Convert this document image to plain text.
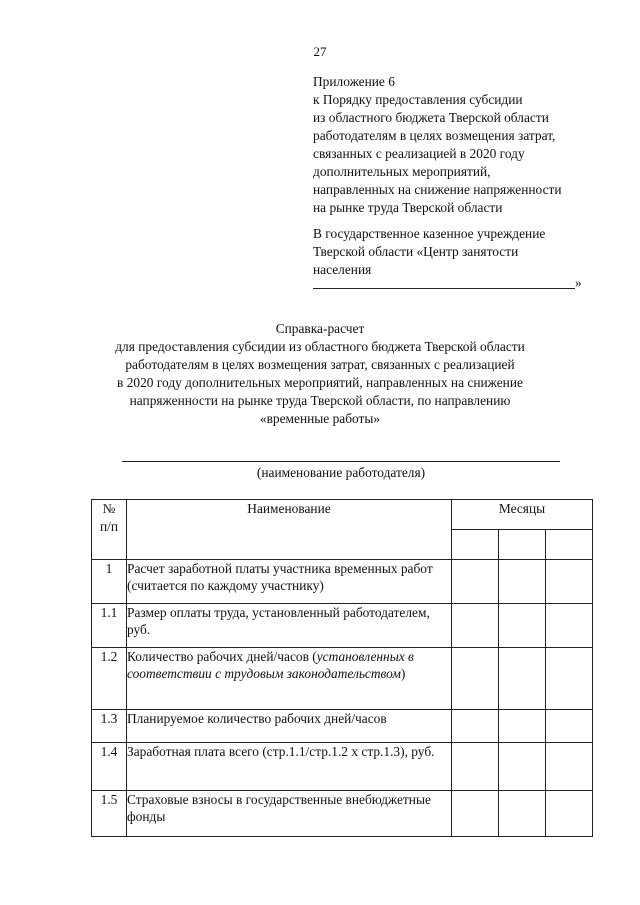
27
Приложение 6
к Порядку предоставления субсидии
из областного бюджета Тверской области
работодателям в целях возмещения затрат,
связанных с реализацией в 2020 году
дополнительных мероприятий,
направленных на снижение напряженности
на рынке труда Тверской области
В государственное казенное учреждение
Тверской области «Центр занятости
населения
»
Справка-расчет
для предоставления субсидии из областного бюджета Тверской области
работодателям в целях возмещения затрат, связанных с реализацией
в 2020 году дополнительных мероприятий, направленных на снижение
напряженности на рынке труда Тверской области, по направлению
«временные работы»
(наименование работодателя)
№
п/п	Наименование	Месяцы		

1	Расчет заработной платы участника временных работ (считается по каждому участнику)			
1.1	Размер оплаты труда, установленный работодателем, руб.			
1.2	Количество рабочих дней/часов (установленных в соответствии с трудовым законодательством)			
1.3	Планируемое количество рабочих дней/часов			
1.4	Заработная плата всего (стр.1.1/стр.1.2 х стр.1.3), руб.			
1.5	Страховые взносы в государственные внебюджетные фонды			
